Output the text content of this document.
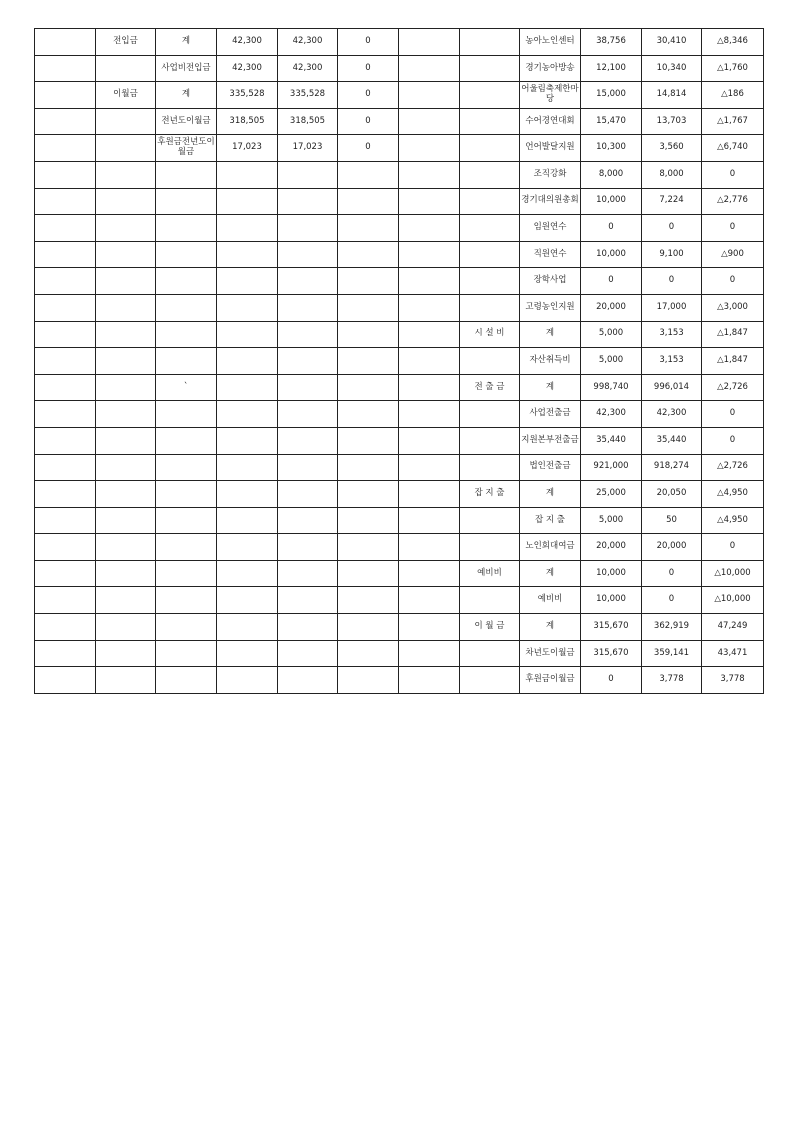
	전입금	계	42,300	42,300	0			농아노인센터	38,756	30,410	△8,346
		사업비전입금	42,300	42,300	0			경기농아방송	12,100	10,340	△1,760
	이월금	계	335,528	335,528	0			어울림축제한마당	15,000	14,814	△186
		전년도이월금	318,505	318,505	0			수어경연대회	15,470	13,703	△1,767
		후원금전년도이월금	17,023	17,023	0			언어발달지원	10,300	3,560	△6,740
								조직강화	8,000	8,000	0
								경기대의원총회	10,000	7,224	△2,776
								임원연수	0	0	0
								직원연수	10,000	9,100	△900
								장학사업	0	0	0
								고령농인지원	20,000	17,000	△3,000
							시 설 비	계	5,000	3,153	△1,847
								자산취득비	5,000	3,153	△1,847
		`					전 출 금	계	998,740	996,014	△2,726
								사업전출금	42,300	42,300	0
								지원본부전출금	35,440	35,440	0
								법인전출금	921,000	918,274	△2,726
							잡 지 출	계	25,000	20,050	△4,950
								잡 지 출	5,000	50	△4,950
								노인회대여금	20,000	20,000	0
							예비비	계	10,000	0	△10,000
								예비비	10,000	0	△10,000
							이 월 금	계	315,670	362,919	47,249
								차년도이월금	315,670	359,141	43,471
								후원금이월금	0	3,778	3,778
